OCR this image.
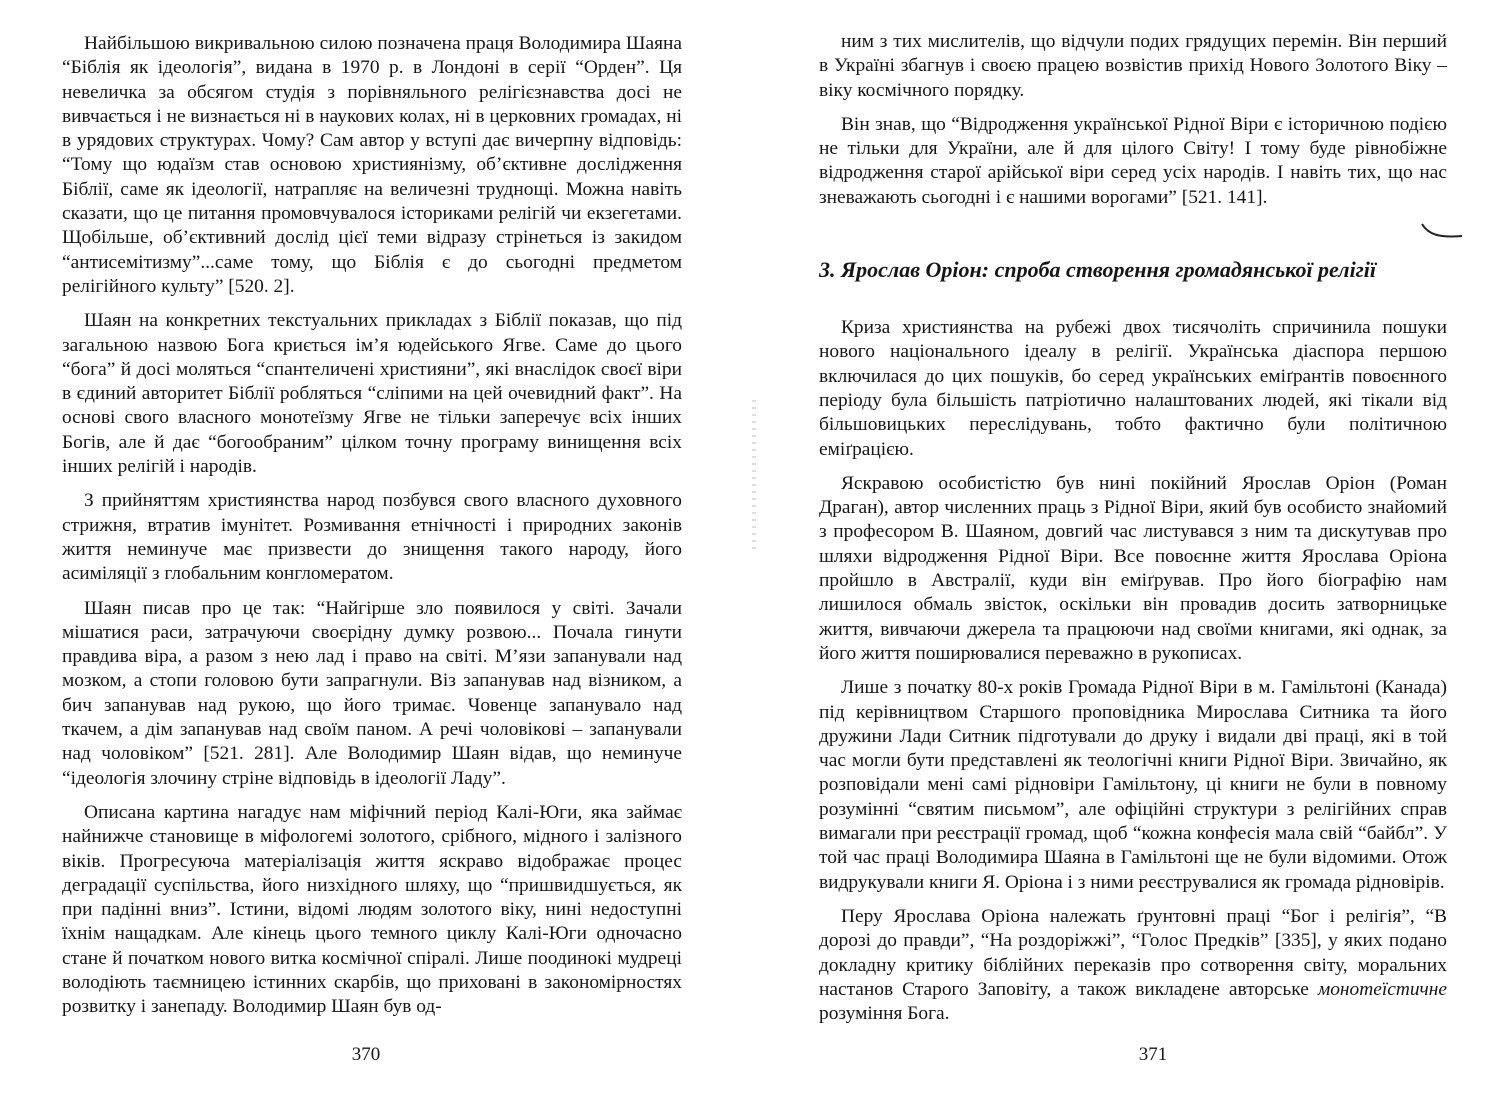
Найбільшою викривальною силою позначена праця Володимира Шаяна “Біблія як ідеологія”, видана в 1970 р. в Лондоні в серії “Орден”. Ця невеличка за обсягом студія з порівняльного релігієзнавства досі не вивчається і не визнається ні в наукових колах, ні в церковних громадах, ні в урядових структурах. Чому? Сам автор у вступі дає вичерпну відповідь: “Тому що юдаїзм став основою християнізму, об’єктивне дослідження Біблії, саме як ідеології, натрапляє на величезні труднощі. Можна навіть сказати, що це питання промовчувалося істориками релігій чи екзегетами. Щобільше, об’єктивний дослід цієї теми відразу стрінеться із закидом “антисемітизму”...саме тому, що Біблія є до сьогодні предметом релігійного культу” [520. 2].

Шаян на конкретних текстуальних прикладах з Біблії показав, що під загальною назвою Бога криється ім’я юдейського Ягве. Саме до цього “бога” й досі моляться “спантеличені християни”, які внаслідок своєї віри в єдиний авторитет Біблії робляться “сліпими на цей очевидний факт”. На основі свого власного монотеїзму Ягве не тільки заперечує всіх інших Богів, але й дає “богообраним” цілком точну програму винищення всіх інших релігій і народів.

З прийняттям християнства народ позбувся свого власного духовного стрижня, втратив імунітет. Розмивання етнічності і природних законів життя неминуче має призвести до знищення такого народу, його асиміляції з глобальним конгломератом.

Шаян писав про це так: “Найгірше зло появилося у світі. Зачали мішатися раси, затрачуючи своєрідну думку розвою... Почала гинути правдива віра, а разом з нею лад і право на світі. М’язи запанували над мозком, а стопи головою бути запрагнули. Віз запанував над візником, а бич запанував над рукою, що його тримає. Човенце запанувало над ткачем, а дім запанував над своїм паном. А речі чоловікові – запанували над чоловіком” [521. 281]. Але Володимир Шаян відав, що неминуче “ідеологія злочину стріне відповідь в ідеології Ладу”.

Описана картина нагадує нам міфічний період Калі-Юги, яка займає найнижче становище в міфологемі золотого, срібного, мідного і залізного віків. Прогресуюча матеріалізація життя яскраво відображає процес деградації суспільства, його низхідного шляху, що “пришвидшується, як при падінні вниз”. Істини, відомі людям золотого віку, нині недоступні їхнім нащадкам. Але кінець цього темного циклу Калі-Юги одночасно стане й початком нового витка космічної спіралі. Лише поодинокі мудреці володіють таємницею істинних скарбів, що приховані в закономірностях розвитку і занепаду. Володимир Шаян був од-

370

ним з тих мислителів, що відчули подих грядущих перемін. Він перший в Україні збагнув і своєю працею возвістив прихід Нового Золотого Віку – віку космічного порядку.

Він знав, що “Відродження української Рідної Віри є історичною подією не тільки для України, але й для цілого Світу! І тому буде рівнобіжне відродження старої арійської віри серед усіх народів. І навіть тих, що нас зневажають сьогодні і є нашими ворогами” [521. 141].

3. Ярослав Оріон: спроба створення громадянської релігії

Криза християнства на рубежі двох тисячоліть спричинила пошуки нового національного ідеалу в релігії. Українська діаспора першою включилася до цих пошуків, бо серед українських еміґрантів повоєнного періоду була більшість патріотично налаштованих людей, які тікали від більшовицьких переслідувань, тобто фактично були політичною еміґрацією.

Яскравою особистістю був нині покійний Ярослав Оріон (Роман Драган), автор численних праць з Рідної Віри, який був особисто знайомий з професором В. Шаяном, довгий час листувався з ним та дискутував про шляхи відродження Рідної Віри. Все повоєнне життя Ярослава Оріона пройшло в Австралії, куди він еміґрував. Про його біографію нам лишилося обмаль звісток, оскільки він провадив досить затворницьке життя, вивчаючи джерела та працюючи над своїми книгами, які однак, за його життя поширювалися переважно в рукописах.

Лише з початку 80-х років Громада Рідної Віри в м. Гамільтоні (Канада) під керівництвом Старшого проповідника Мирослава Ситника та його дружини Лади Ситник підготували до друку і видали дві праці, які в той час могли бути представлені як теологічні книги Рідної Віри. Звичайно, як розповідали мені самі рідновіри Гамільтону, ці книги не були в повному розумінні “святим письмом”, але офіційні структури з релігійних справ вимагали при реєстрації громад, щоб “кожна конфесія мала свій “байбл”. У той час праці Володимира Шаяна в Гамільтоні ще не були відомими. Отож видрукували книги Я. Оріона і з ними реєструвалися як громада рідновірів.

Перу Ярослава Оріона належать ґрунтовні праці “Бог і релігія”, “В дорозі до правди”, “На роздоріжжі”, “Голос Предків” [335], у яких подано докладну критику біблійних переказів про сотворення світу, моральних настанов Старого Заповіту, а також викладене авторське монотеїстичне розуміння Бога.

371
